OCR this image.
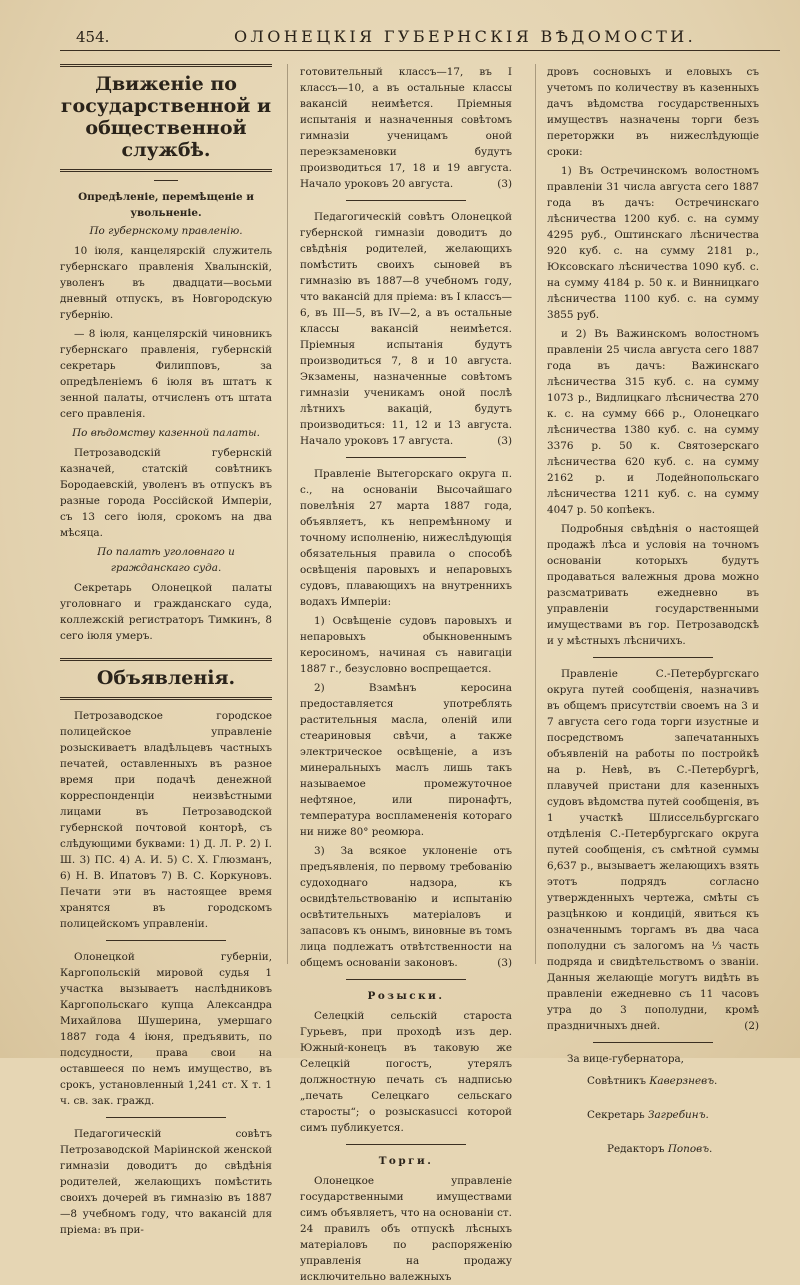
454.	ОЛОНЕЦКІЯ ГУБЕРНСКІЯ ВѢДОМОСТИ.
Движеніе по государственной и общественной службѣ.
Опредѣленіе, перемѣщеніе и увольненіе.
По губернскому правленію.

10 іюля, канцелярскій служитель губернскаго правленія Хвалынскій, уволенъ въ двадцати—восьми дневный отпускъ, въ Новгородскую губернію.

— 8 іюля, канцелярскій чиновникъ губернскаго правленія, губернскій секретарь Филипповъ, за опредѣленіемъ 6 іюля въ штатъ к зенной палаты, отчисленъ отъ штата сего правленія.

По вѣдомству казенной палаты.

Петрозаводскій губернскій казначей, статскій совѣтникъ Бородаевскій, уволенъ въ отпускъ въ разные города Россійской Имперіи, съ 13 сего іюля, срокомъ на два мѣсяца.

По палатѣ уголовнаго и гражданскаго суда.

Секретарь Олонецкой палаты уголовнаго и гражданскаго суда, коллежскій регистраторъ Тимкинъ, 8 сего іюля умеръ.

Объявленія.

Петрозаводское городское полицейское управленіе розыскиваетъ владѣльцевъ частныхъ печатей, оставленныхъ въ разное время при подачѣ денежной корреспонденціи неизвѣстными лицами въ Петрозаводской губернской почтовой конторѣ, съ слѣдующими буквами: 1) Д. Л. Р. 2) І. Ш. 3) ПС. 4) А. И. 5) С. Х. Глюзманъ, 6) Н. В. Ипатовъ 7) В. С. Коркуновъ. Печати эти въ настоящее время хранятся въ городскомъ полицейскомъ управленіи.

Олонецкой губерніи, Каргопольскій мировой судья 1 участка вызываетъ наслѣдниковъ Каргопольскаго купца Александра Михайлова Шушерина, умершаго 1887 года 4 іюня, предъявить, по подсудности, права свои на оставшееся по немъ имущество, въ срокъ, установленный 1,241 ст. Х т. 1 ч. св. зак. гражд.

Педагогическій совѣтъ Петрозаводской Маріинской женской гимназіи доводитъ до свѣдѣнія родителей, желающихъ помѣстить своихъ дочерей въ гимназію въ 1887—8 учебномъ году, что вакансій для пріема: въ при-

готовительный классъ—17, въ I классъ—10, а въ остальные классы вакансій неимѣется. Пріемныя испытанія и назначенныя совѣтомъ гимназіи ученицамъ оной переэкзаменовки будутъ производиться 17, 18 и 19 августа. Начало уроковъ 20 августа.	(3)

Педагогическій совѣтъ Олонецкой губернской гимназіи доводитъ до свѣдѣнія родителей, желающихъ помѣстить своихъ сыновей въ гимназію въ 1887—8 учебномъ году, что вакансій для пріема: въ I классъ—6, въ III—5, въ IV—2, а въ остальные классы вакансій неимѣется. Пріемныя испытанія будутъ производиться 7, 8 и 10 августа. Экзамены, назначенные совѣтомъ гимназіи ученикамъ оной послѣ лѣтнихъ вакацій, будутъ производиться: 11, 12 и 13 августа. Начало уроковъ 17 августа.	(3)

Правленіе Вытегорскаго округа п. с., на основаніи Высочайшаго повелѣнія 27 марта 1887 года, объявляетъ, къ непремѣнному и точному исполненію, нижеслѣдующія обязательныя правила о способѣ освѣщенія паровыхъ и непаровыхъ судовъ, плавающихъ на внутреннихъ водахъ Имперіи:

1) Освѣщеніе судовъ паровыхъ и непаровыхъ обыкновеннымъ керосиномъ, начиная съ навигаціи 1887 г., безусловно воспрещается.

2) Взамѣнъ керосина предоставляется употреблять растительныя масла, оленій или стеариновыя свѣчи, а также электрическое освѣщеніе, а изъ минеральныхъ маслъ лишь такъ называемое промежуточное нефтяное, или пиронафтъ, температура воспламененія котораго ни ниже 80° реомюра.

3) За всякое уклоненіе отъ предъявленія, по первому требованію судоходнаго надзора, къ освидѣтельствованію и испытанію освѣтительныхъ матеріаловъ и запасовъ къ онымъ, виновные въ томъ лица подлежатъ отвѣтственности на общемъ основаніи законовъ.	(3)

Розыски.

Селецкій сельскій староста Гурьевъ, при проходѣ изъ дер. Южный-конецъ въ таковую же Селецкій погостъ, утерялъ должностную печать съ надписью „печать Селецкаго сельскаго старосты“; о розыскаsucci которой симъ публикуется.

Торги.

Олонецкое управленіе государственными имуществами симъ объявляетъ, что на основаніи ст. 24 правилъ объ отпускѣ лѣсныхъ матеріаловъ по распоряженію управленія на продажу исключительно валежныхъ

дровъ сосновыхъ и еловыхъ съ учетомъ по количеству въ казенныхъ дачъ вѣдомства государственныхъ имуществъ назначены торги безъ переторжки въ нижеслѣдующіе сроки:

1) Въ Остречинскомъ волостномъ правленіи 31 числа августа сего 1887 года въ дачъ: Остречинскаго лѣсничества 1200 куб. с. на сумму 4295 руб., Оштинскаго лѣсничества 920 куб. с. на сумму 2181 р., Юксовскаго лѣсничества 1090 куб. с. на сумму 4184 р. 50 к. и Винницкаго лѣсничества 1100 куб. с. на сумму 3855 руб.

и 2) Въ Важинскомъ волостномъ правленіи 25 числа августа сего 1887 года въ дачъ: Важинскаго лѣсничества 315 куб. с. на сумму 1073 р., Видлицкаго лѣсничества 270 к. с. на сумму 666 р., Олонецкаго лѣсничества 1380 куб. с. на сумму 3376 р. 50 к. Святозерскаго лѣсничества 620 куб. с. на сумму 2162 р. и Лодейнопольскаго лѣсничества 1211 куб. с. на сумму 4047 р. 50 копѣекъ.

Подробныя свѣдѣнія о настоящей продажѣ лѣса и условія на точномъ основаніи которыхъ будутъ продаваться валежныя дрова можно разсматривать ежедневно въ управленіи государственными имуществами въ гор. Петрозаводскѣ и у мѣстныхъ лѣсничихъ.

Правленіе С.-Петербургскаго округа путей сообщенія, назначивъ въ общемъ присутствіи своемъ на 3 и 7 августа сего года торги изустные и посредствомъ запечатанныхъ объявленій на работы по постройкѣ на р. Невѣ, въ С.-Петербургѣ, плавучей пристани для казенныхъ судовъ вѣдомства путей сообщенія, въ 1 участкѣ Шлиссельбургскаго отдѣленія С.-Петербургскаго округа путей сообщенія, съ смѣтной суммы 6,637 р., вызываетъ желающихъ взять этотъ подрядъ согласно утвержденныхъ чертежа, смѣты съ разцѣнкою и кондицій, явиться къ означеннымъ торгамъ въ два часа пополудни съ залогомъ на ⅓ часть подряда и свидѣтельствомъ о званіи. Данныя желающіе могутъ видѣть въ правленіи ежедневно съ 11 часовъ утра до 3 пополудни, кромѣ праздничныхъ дней.	(2)

За вице-губернатора,
Совѣтникъ Каверзневъ.
Секретарь Загребинъ.
Редакторъ Поповъ.
